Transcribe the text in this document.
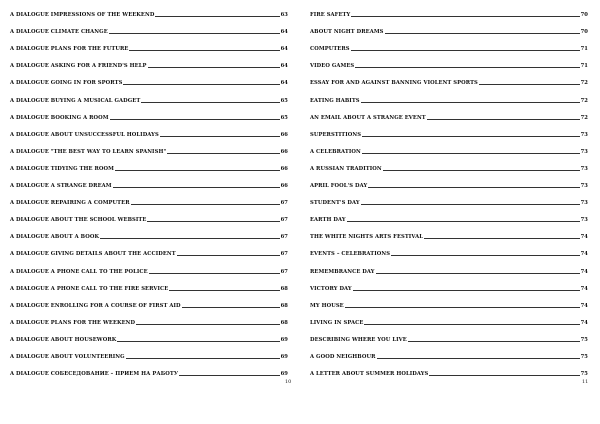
A DIALOGUE IMPRESSIONS OF THE WEEKEND	63
A DIALOGUE CLIMATE CHANGE	64
A DIALOGUE PLANS FOR THE FUTURE	64
A DIALOGUE ASKING FOR A FRIEND'S HELP	64
A DIALOGUE GOING IN FOR SPORTS	64
A DIALOGUE BUYING A MUSICAL GADGET	65
A DIALOGUE BOOKING A ROOM	65
A DIALOGUE ABOUT UNSUCCESSFUL HOLIDAYS	66
A DIALOGUE "THE BEST WAY TO LEARN SPANISH"	66
A DIALOGUE TIDYING THE ROOM	66
A DIALOGUE A STRANGE DREAM	66
A DIALOGUE REPAIRING A COMPUTER	67
A DIALOGUE ABOUT THE SCHOOL WEBSITE	67
A DIALOGUE ABOUT A BOOK	67
A DIALOGUE GIVING DETAILS ABOUT THE ACCIDENT	67
A DIALOGUE A PHONE CALL TO THE POLICE	67
A DIALOGUE A PHONE CALL TO THE FIRE SERVICE	68
A DIALOGUE ENROLLING FOR A COURSE OF FIRST AID	68
A DIALOGUE PLANS FOR THE WEEKEND	68
A DIALOGUE ABOUT HOUSEWORK	69
A DIALOGUE ABOUT VOLUNTEERING	69
A DIALOGUE СОБЕСЕДОВАНИЕ – ПРИЕМ НА РАБОТУ	69
FIRE SAFETY	70
ABOUT NIGHT DREAMS	70
COMPUTERS	71
VIDEO GAMES	71
ESSAY FOR AND AGAINST BANNING VIOLENT SPORTS	72
EATING HABITS	72
AN EMAIL ABOUT A STRANGE EVENT	72
SUPERSTITIONS	73
A CELEBRATION	73
A RUSSIAN TRADITION	73
APRIL FOOL'S DAY	73
STUDENT'S DAY	73
EARTH DAY	73
THE WHITE NIGHTS ARTS FESTIVAL	74
EVENTS – CELEBRATIONS	74
REMEMBRANCE DAY	74
VICTORY DAY	74
MY HOUSE	74
LIVING IN SPACE	74
DESCRIBING WHERE YOU LIVE	75
A GOOD NEIGHBOUR	75
A LETTER ABOUT SUMMER HOLIDAYS	75
10	11
